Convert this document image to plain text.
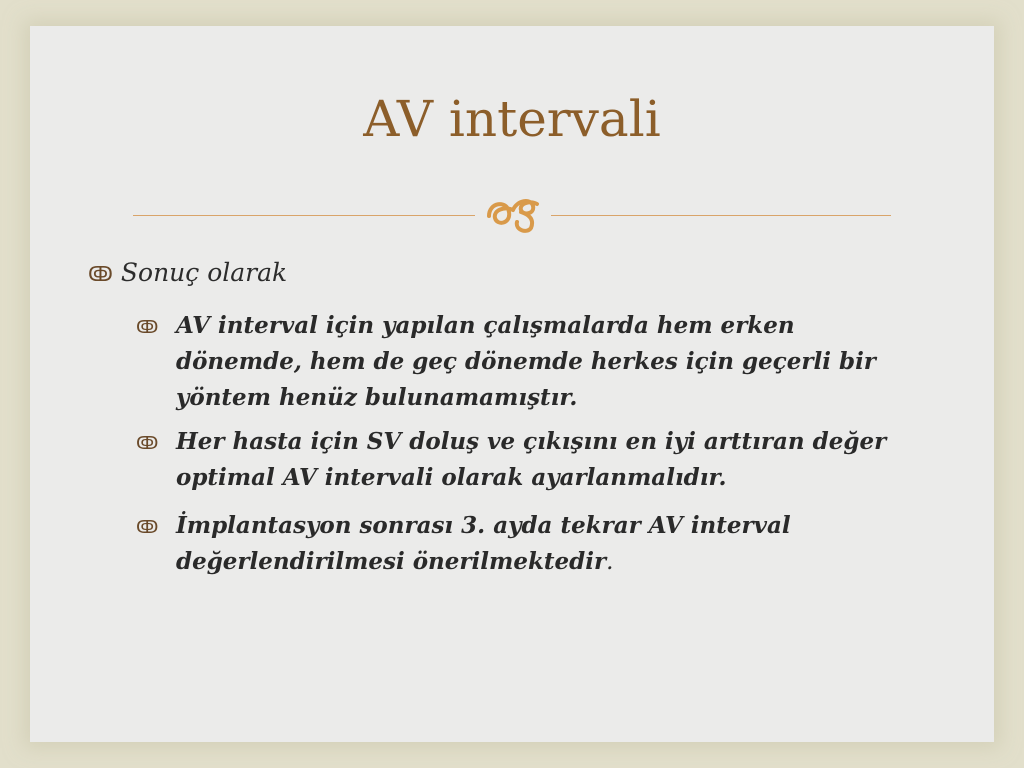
AV intervali
ↂ Sonuç olarak
ↂ AV interval için yapılan çalışmalarda hem erken dönemde, hem de geç dönemde herkes için geçerli bir yöntem henüz bulunamamıştır.
ↂ Her hasta için SV doluş ve çıkışını en iyi arttıran değer optimal AV intervali olarak ayarlanmalıdır.
ↂ İmplantasyon sonrası 3. ayda tekrar AV interval değerlendirilmesi önerilmektedir.
